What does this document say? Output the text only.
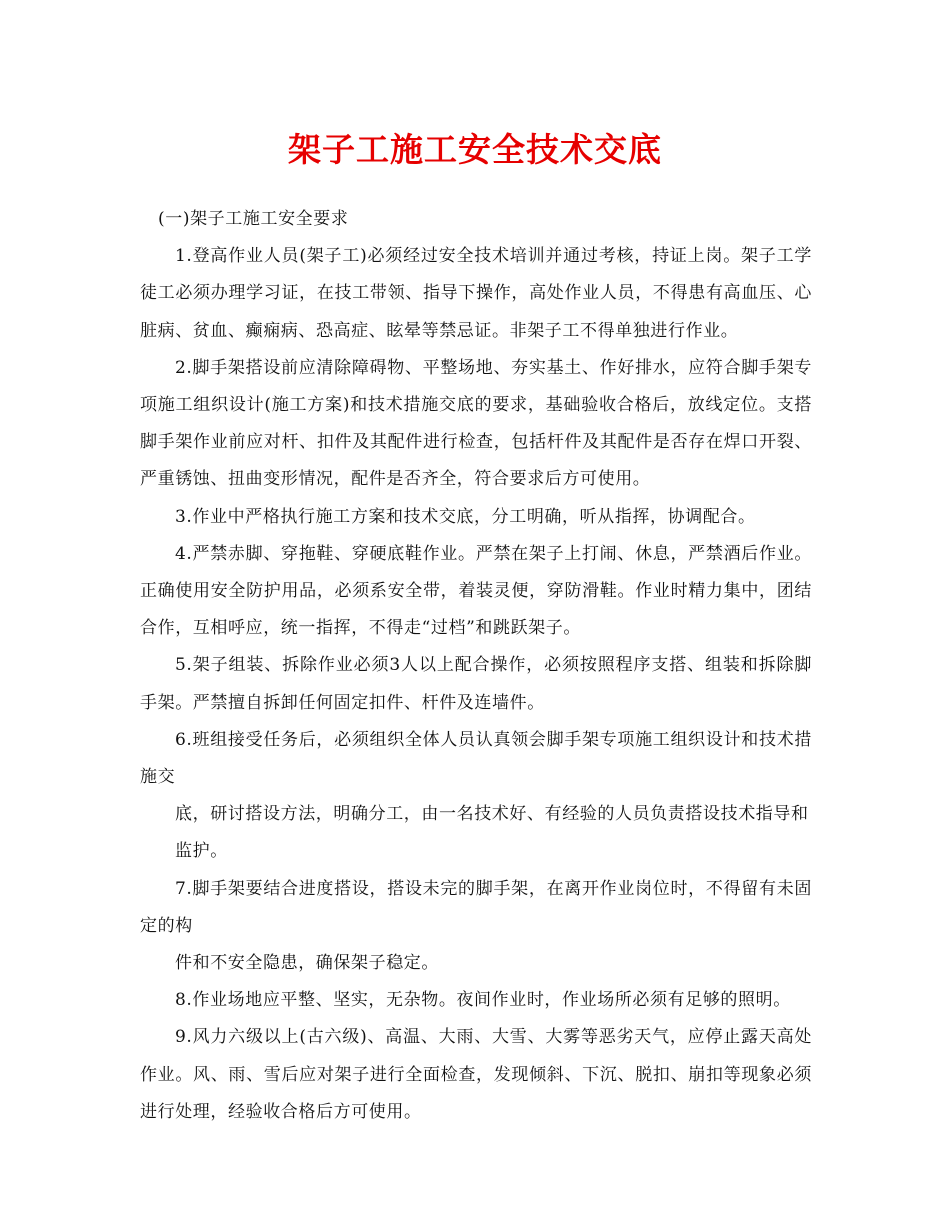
架子工施工安全技术交底

(一)架子工施工安全要求

1.登高作业人员(架子工)必须经过安全技术培训并通过考核，持证上岗。架子工学徒工必须办理学习证，在技工带领、指导下操作，高处作业人员，不得患有高血压、心脏病、贫血、癫痫病、恐高症、眩晕等禁忌证。非架子工不得单独进行作业。

2.脚手架搭设前应清除障碍物、平整场地、夯实基土、作好排水，应符合脚手架专项施工组织设计(施工方案)和技术措施交底的要求，基础验收合格后，放线定位。支搭脚手架作业前应对杆、扣件及其配件进行检查，包括杆件及其配件是否存在焊口开裂、严重锈蚀、扭曲变形情况，配件是否齐全，符合要求后方可使用。

3.作业中严格执行施工方案和技术交底，分工明确，听从指挥，协调配合。

4.严禁赤脚、穿拖鞋、穿硬底鞋作业。严禁在架子上打闹、休息，严禁酒后作业。正确使用安全防护用品，必须系安全带，着装灵便，穿防滑鞋。作业时精力集中，团结合作，互相呼应，统一指挥，不得走“过档”和跳跃架子。

5.架子组装、拆除作业必须3人以上配合操作，必须按照程序支搭、组装和拆除脚手架。严禁擅自拆卸任何固定扣件、杆件及连墙件。

6.班组接受任务后，必须组织全体人员认真领会脚手架专项施工组织设计和技术措施交

底，研讨搭设方法，明确分工，由一名技术好、有经验的人员负责搭设技术指导和监护。

7.脚手架要结合进度搭设，搭设未完的脚手架，在离开作业岗位时，不得留有未固定的构

件和不安全隐患，确保架子稳定。

8.作业场地应平整、坚实，无杂物。夜间作业时，作业场所必须有足够的照明。

9.风力六级以上(古六级)、高温、大雨、大雪、大雾等恶劣天气，应停止露天高处作业。风、雨、雪后应对架子进行全面检查，发现倾斜、下沉、脱扣、崩扣等现象必须进行处理，经验收合格后方可使用。
